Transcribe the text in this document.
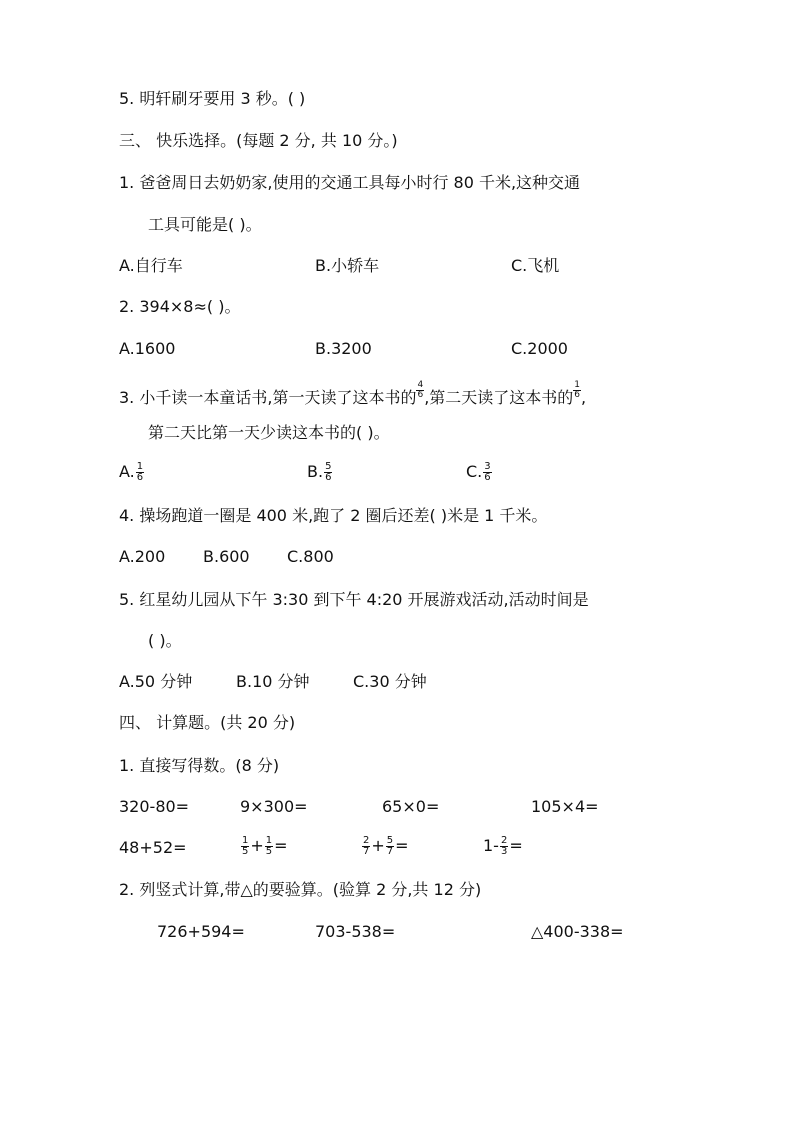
5. 明轩刷牙要用 3 秒。( )
三、 快乐选择。(每题 2 分, 共 10 分。)
1. 爸爸周日去奶奶家,使用的交通工具每小时行 80 千米,这种交通
工具可能是( )。
A.自行车	B.小轿车	C.飞机
2. 394×8≈( )。
A.1600	B.3200	C.2000
3. 小千读一本童话书,第一天读了这本书的 $\frac{4}{6}$ ,第二天读了这本书的 $\frac{1}{6}$ ,
第二天比第一天少读这本书的( )。
A. $\frac{1}{6}$	B. $\frac{5}{6}$	C. $\frac{3}{6}$
4. 操场跑道一圈是 400 米,跑了 2 圈后还差( )米是 1 千米。
A.200 B.600 C.800
5. 红星幼儿园从下午 3:30 到下午 4:20 开展游戏活动,活动时间是
( )。
A.50 分钟	B.10 分钟	C.30 分钟
四、 计算题。(共 20 分)
1. 直接写得数。(8 分)
320-80=	9×300=	65×0=	105×4=
48+52=	$\frac{1}{5} + \frac{1}{5}$ =	$\frac{2}{7} + \frac{5}{7}$ =	$1- \frac{2}{3}$ =
2. 列竖式计算,带△的要验算。(验算 2 分,共 12 分)
726+594=	703-538=	△400-338=
